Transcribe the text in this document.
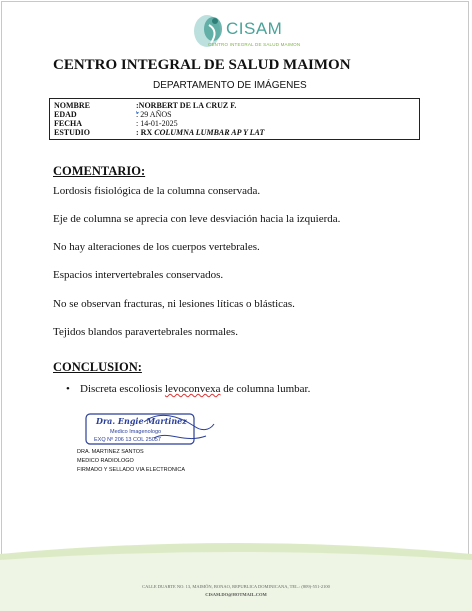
CISAM
CENTRO INTEGRAL DE SALUD MAIMON
CENTRO INTEGRAL DE SALUD MAIMON
DEPARTAMENTO DE IMÁGENES
NOMBRE	:NORBERT DE LA CRUZ F.
EDAD	: 29 AÑOS
FECHA	: 14-01-2025
ESTUDIO	: RX COLUMNA LUMBAR AP Y LAT
COMENTARIO:
Lordosis fisiológica de la columna conservada.
Eje de columna se aprecia con leve desviación hacia la izquierda.
No hay alteraciones de los cuerpos vertebrales.
Espacios intervertebrales conservados.
No se observan fracturas, ni lesiones líticas o blásticas.
Tejidos blandos paravertebrales normales.
CONCLUSION:
• Discreta escoliosis levoconvexa de columna lumbar.
Dra. Engie Martinez
Medico Imagenologo
EXQ Nº 206 13 COL 25057
DRA. MARTINEZ SANTOS
MEDICO RADIOLOGO
FIRMADO Y SELLADO VIA ELECTRONICA
CALLE DUARTE NO. 13, MAIMÓN, BONAO, REPUBLICA DOMINICANA, TEL.: (809)-551-2100
CISAM.DO@HOTMAIL.COM
